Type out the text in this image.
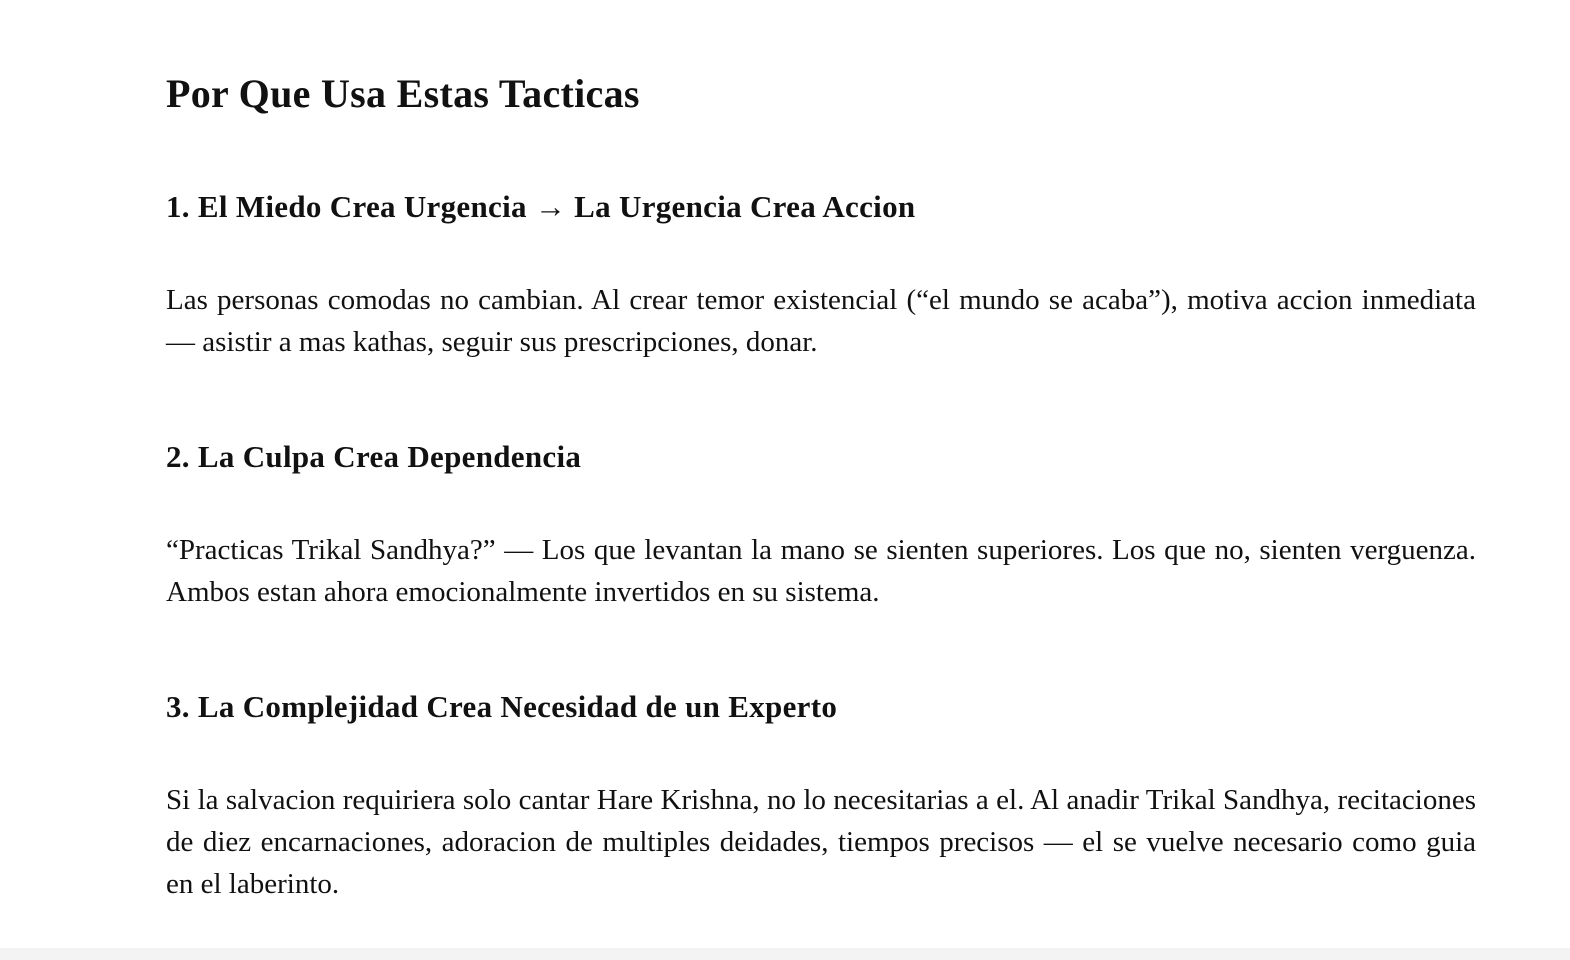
Por Que Usa Estas Tacticas
1. El Miedo Crea Urgencia → La Urgencia Crea Accion

Las personas comodas no cambian. Al crear temor existencial (“el mundo se acaba”), motiva accion inmediata — asistir a mas kathas, seguir sus prescripciones, donar.

2. La Culpa Crea Dependencia

“Practicas Trikal Sandhya?” — Los que levantan la mano se sienten superiores. Los que no, sienten verguenza. Ambos estan ahora emocionalmente invertidos en su sistema.

3. La Complejidad Crea Necesidad de un Experto

Si la salvacion requiriera solo cantar Hare Krishna, no lo necesitarias a el. Al anadir Trikal Sandhya, recitaciones de diez encarnaciones, adoracion de multiples deidades, tiempos precisos — el se vuelve necesario como guia en el laberinto.
